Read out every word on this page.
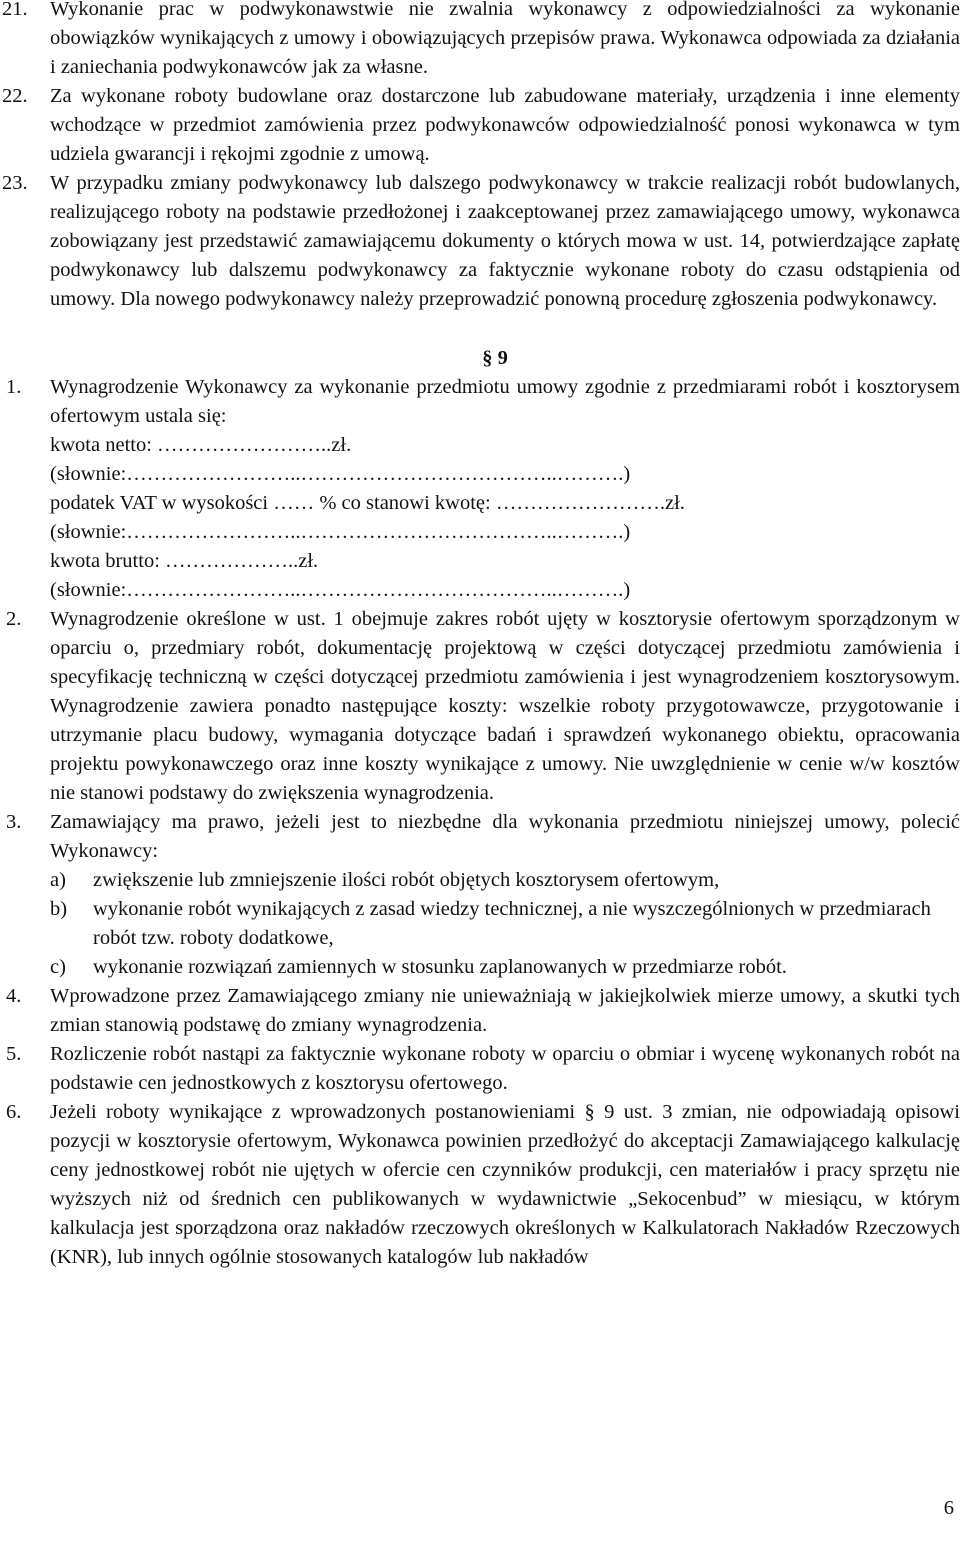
21. Wykonanie prac w podwykonawstwie nie zwalnia wykonawcy z odpowiedzialności za wykonanie obowiązków wynikających z umowy i obowiązujących przepisów prawa. Wykonawca odpowiada za działania i zaniechania podwykonawców jak za własne.
22. Za wykonane roboty budowlane oraz dostarczone lub zabudowane materiały, urządzenia i inne elementy wchodzące w przedmiot zamówienia przez podwykonawców odpowiedzialność ponosi wykonawca w tym udziela gwarancji i rękojmi zgodnie z umową.
23. W przypadku zmiany podwykonawcy lub dalszego podwykonawcy w trakcie realizacji robót budowlanych, realizującego roboty na podstawie przedłożonej i zaakceptowanej przez zamawiającego umowy, wykonawca zobowiązany jest przedstawić zamawiającemu dokumenty o których mowa w ust. 14, potwierdzające zapłatę podwykonawcy lub dalszemu podwykonawcy za faktycznie wykonane roboty do czasu odstąpienia od umowy. Dla nowego podwykonawcy należy przeprowadzić ponowną procedurę zgłoszenia podwykonawcy.
§ 9
1. Wynagrodzenie Wykonawcy za wykonanie przedmiotu umowy zgodnie z przedmiarami robót i kosztorysem ofertowym ustala się:
kwota netto: ……………………..zł.
(słownie:……………………..………………………………..……….)
podatek VAT w wysokości …… % co stanowi kwotę: …………………….zł.
(słownie:……………………..………………………………..……….)
kwota brutto: ………………..zł.
(słownie:……………………..………………………………..……….)
2. Wynagrodzenie określone w ust. 1 obejmuje zakres robót ujęty w kosztorysie ofertowym sporządzonym w oparciu o, przedmiary robót, dokumentację projektową w części dotyczącej przedmiotu zamówienia i specyfikację techniczną w części dotyczącej przedmiotu zamówienia i jest wynagrodzeniem kosztorysowym. Wynagrodzenie zawiera ponadto następujące koszty: wszelkie roboty przygotowawcze, przygotowanie i utrzymanie placu budowy, wymagania dotyczące badań i sprawdzeń wykonanego obiektu, opracowania projektu powykonawczego oraz inne koszty wynikające z umowy. Nie uwzględnienie w cenie w/w kosztów nie stanowi podstawy do zwiększenia wynagrodzenia.
3. Zamawiający ma prawo, jeżeli jest to niezbędne dla wykonania przedmiotu niniejszej umowy, polecić Wykonawcy:
a) zwiększenie lub zmniejszenie ilości robót objętych kosztorysem ofertowym,
b) wykonanie robót wynikających z zasad wiedzy technicznej, a nie wyszczególnionych w przedmiarach robót tzw. roboty dodatkowe,
c) wykonanie rozwiązań zamiennych w stosunku zaplanowanych w przedmiarze robót.
4. Wprowadzone przez Zamawiającego zmiany nie unieważniają w jakiejkolwiek mierze umowy, a skutki tych zmian stanowią podstawę do zmiany wynagrodzenia.
5. Rozliczenie robót nastąpi za faktycznie wykonane roboty w oparciu o obmiar i wycenę wykonanych robót na podstawie cen jednostkowych z kosztorysu ofertowego.
6. Jeżeli roboty wynikające z wprowadzonych postanowieniami § 9 ust. 3 zmian, nie odpowiadają opisowi pozycji w kosztorysie ofertowym, Wykonawca powinien przedłożyć do akceptacji Zamawiającego kalkulację ceny jednostkowej robót nie ujętych w ofercie cen czynników produkcji, cen materiałów i pracy sprzętu nie wyższych niż od średnich cen publikowanych w wydawnictwie „Sekocenbud” w miesiącu, w którym kalkulacja jest sporządzona oraz nakładów rzeczowych określonych w Kalkulatorach Nakładów Rzeczowych (KNR), lub innych ogólnie stosowanych katalogów lub nakładów
6
